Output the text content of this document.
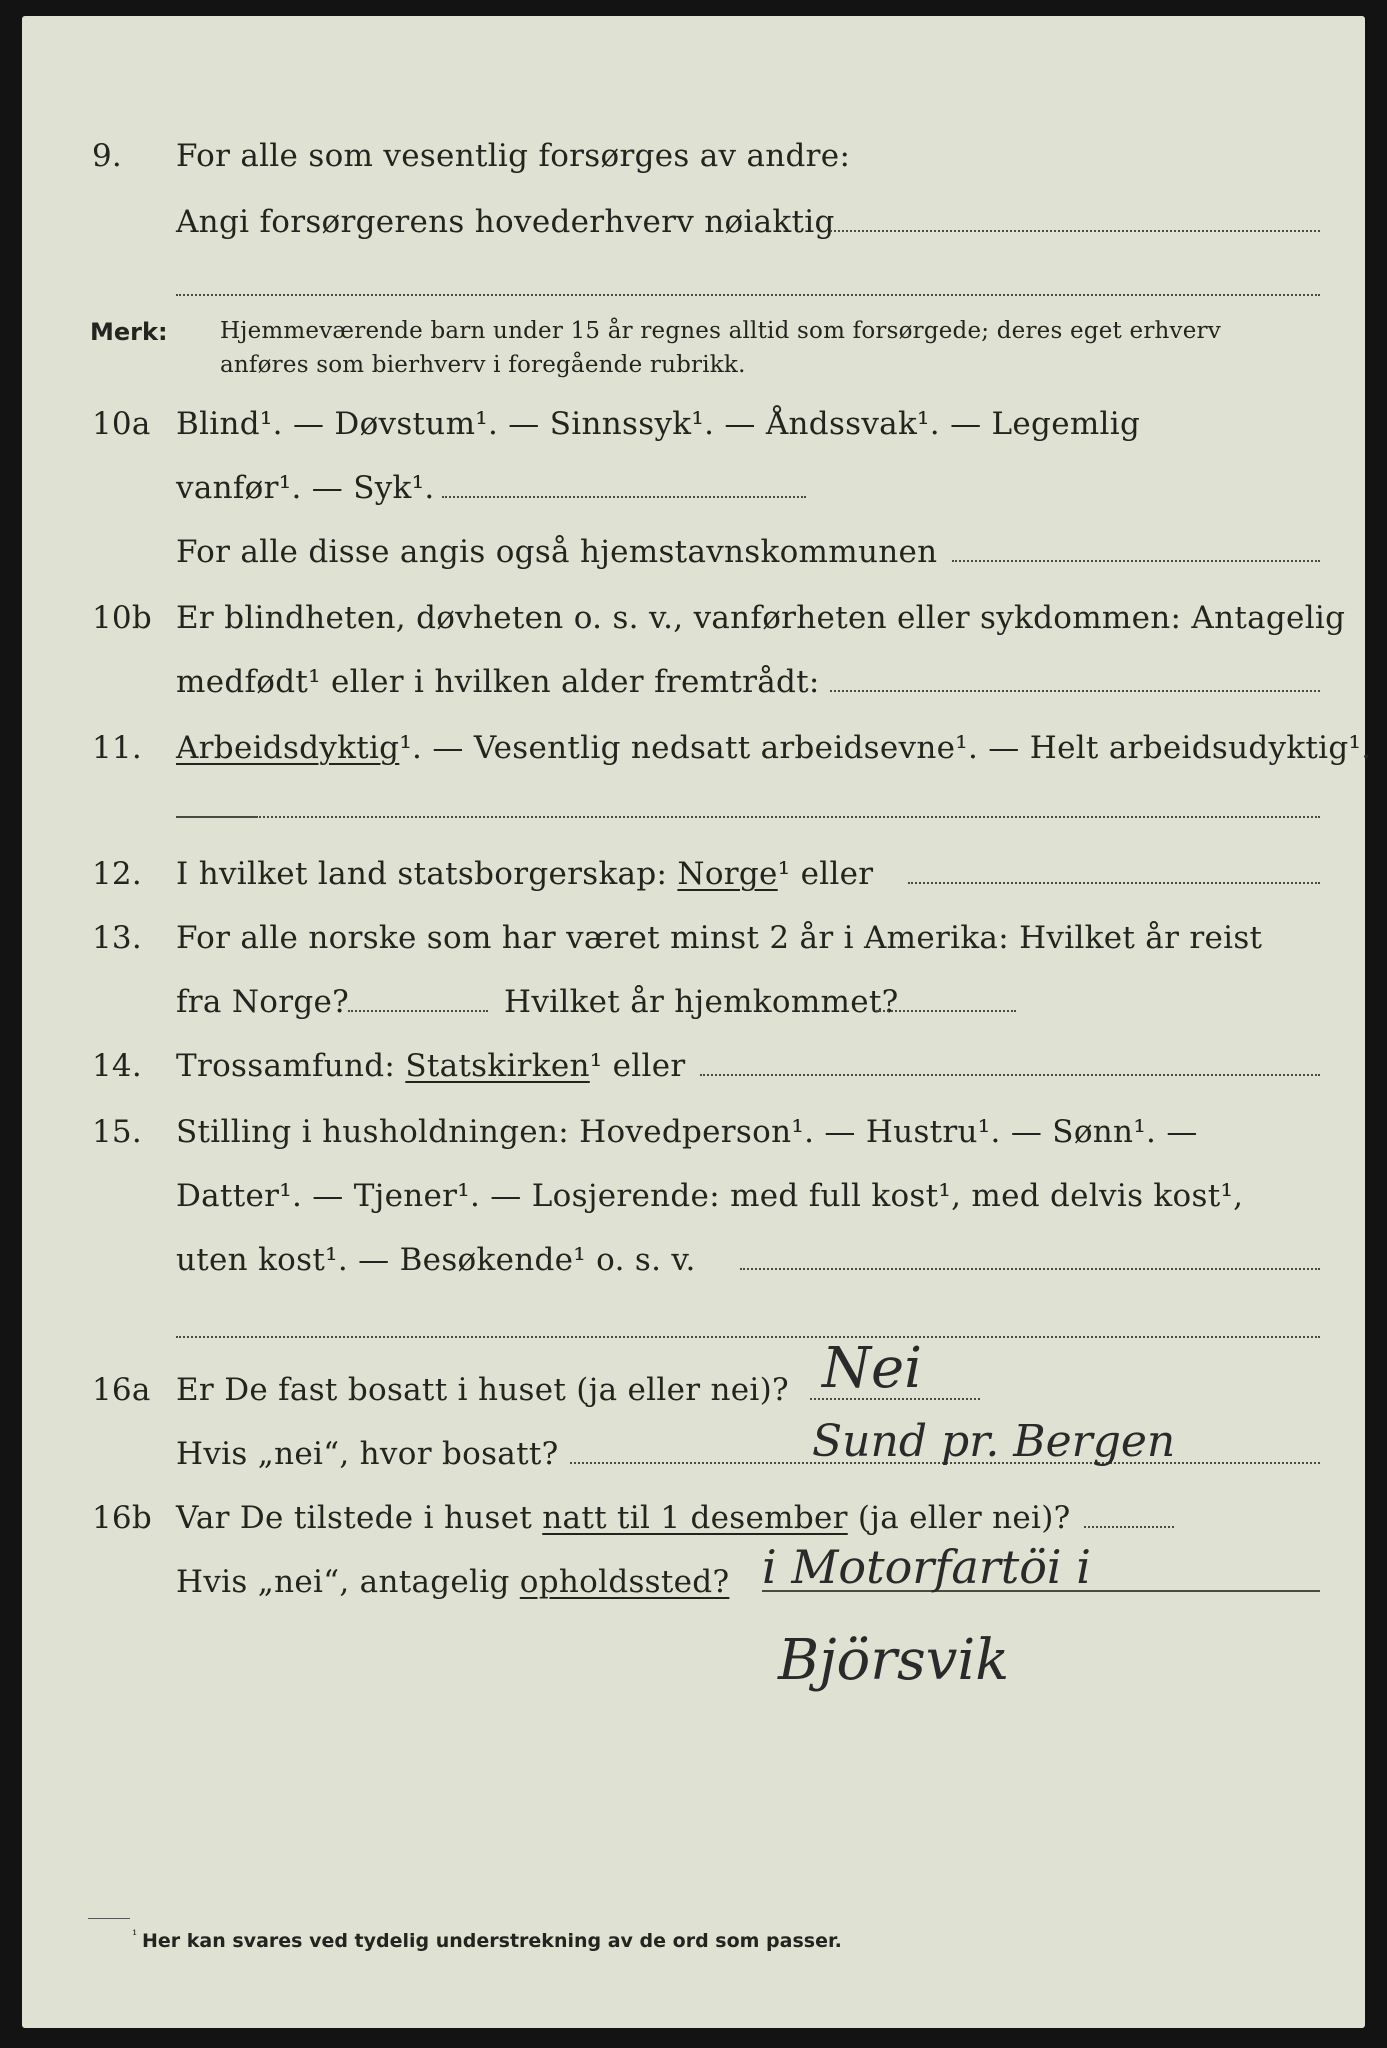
9. For alle som vesentlig forsørges av andre:
Angi forsørgerens hovederhverv nøiaktig
Merk: Hjemmeværende barn under 15 år regnes alltid som forsørgede; deres eget erhverv
anføres som bierhverv i foregående rubrikk.
10a Blind¹. — Døvstum¹. — Sinnssyk¹. — Åndssvak¹. — Legemlig
vanfør¹. — Syk¹.
For alle disse angis også hjemstavnskommunen
10b Er blindheten, døvheten o. s. v., vanførheten eller sykdommen: Antagelig
medfødt¹ eller i hvilken alder fremtrådt:
11. Arbeidsdyktig¹. — Vesentlig nedsatt arbeidsevne¹. — Helt arbeidsudyktig¹.
12. I hvilket land statsborgerskap: Norge¹ eller
13. For alle norske som har været minst 2 år i Amerika: Hvilket år reist
fra Norge?	Hvilket år hjemkommet?
14. Trossamfund: Statskirken¹ eller
15. Stilling i husholdningen: Hovedperson¹. — Hustru¹. — Sønn¹. —
Datter¹. — Tjener¹. — Losjerende: med full kost¹, med delvis kost¹,
uten kost¹. — Besøkende¹ o. s. v.
16a Er De fast bosatt i huset (ja eller nei)? Nei
Hvis „nei“, hvor bosatt?	Sund pr. Bergen
16b Var De tilstede i huset natt til 1 desember (ja eller nei)?
Hvis „nei“, antagelig opholdssted? i Motorfartöi i
Björsvik
¹ Her kan svares ved tydelig understrekning av de ord som passer.
